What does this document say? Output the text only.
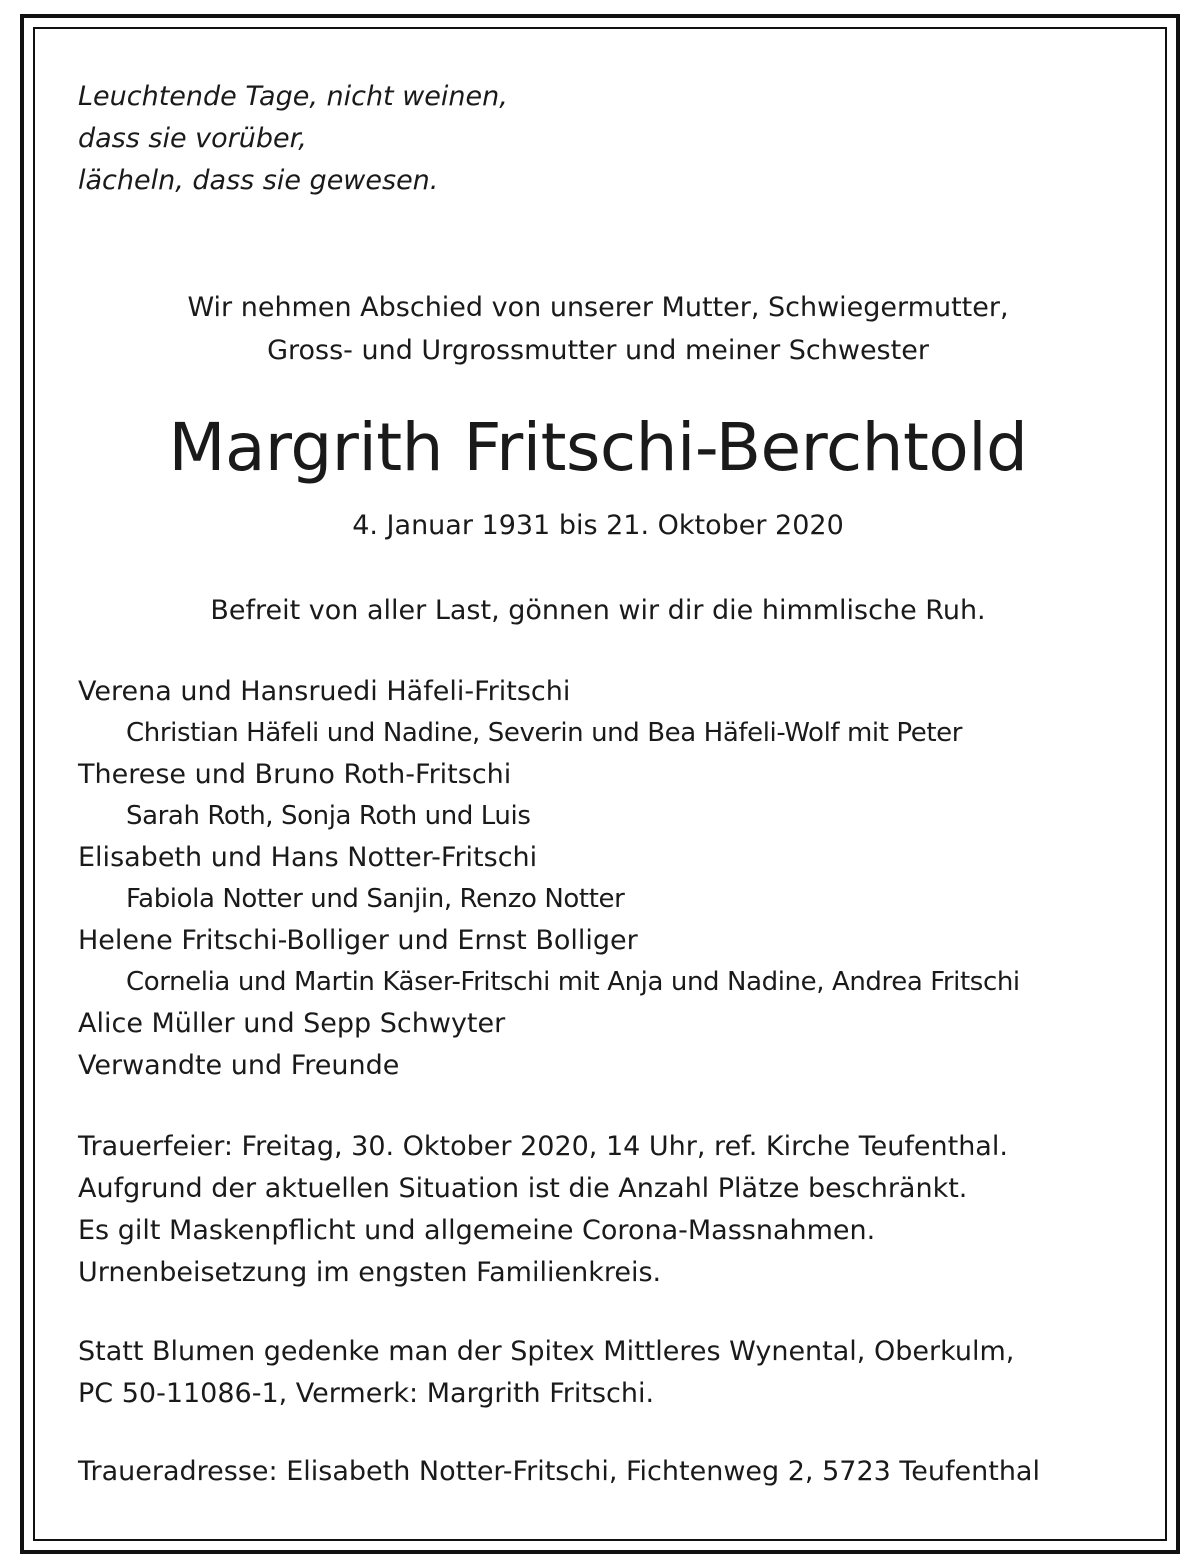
Leuchtende Tage, nicht weinen,
dass sie vorüber,
lächeln, dass sie gewesen.
Wir nehmen Abschied von unserer Mutter, Schwiegermutter,
Gross- und Urgrossmutter und meiner Schwester
Margrith Fritschi-Berchtold
4. Januar 1931 bis 21. Oktober 2020
Befreit von aller Last, gönnen wir dir die himmlische Ruh.
Verena und Hansruedi Häfeli-Fritschi
Christian Häfeli und Nadine, Severin und Bea Häfeli-Wolf mit Peter
Therese und Bruno Roth-Fritschi
Sarah Roth, Sonja Roth und Luis
Elisabeth und Hans Notter-Fritschi
Fabiola Notter und Sanjin, Renzo Notter
Helene Fritschi-Bolliger und Ernst Bolliger
Cornelia und Martin Käser-Fritschi mit Anja und Nadine, Andrea Fritschi
Alice Müller und Sepp Schwyter
Verwandte und Freunde
Trauerfeier: Freitag, 30. Oktober 2020, 14 Uhr, ref. Kirche Teufenthal.
Aufgrund der aktuellen Situation ist die Anzahl Plätze beschränkt.
Es gilt Maskenpflicht und allgemeine Corona-Massnahmen.
Urnenbeisetzung im engsten Familienkreis.
Statt Blumen gedenke man der Spitex Mittleres Wynental, Oberkulm,
PC 50-11086-1, Vermerk: Margrith Fritschi.
Traueradresse: Elisabeth Notter-Fritschi, Fichtenweg 2, 5723 Teufenthal
